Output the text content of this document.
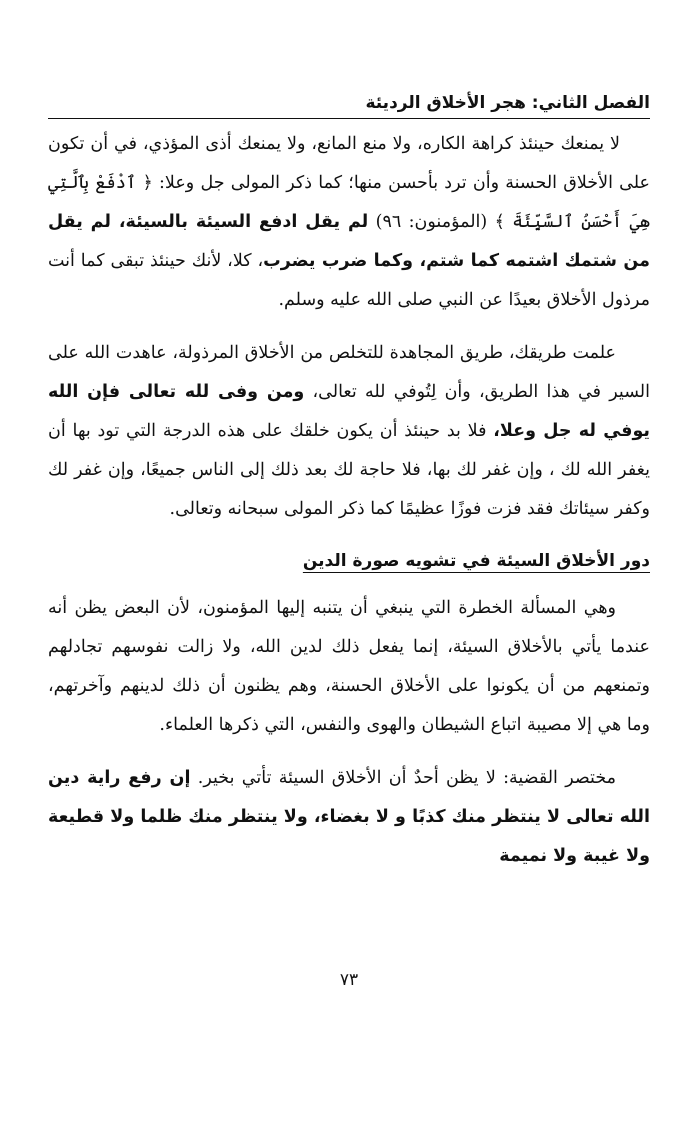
الفصل الثاني: هجر الأخلاق الرديئة

لا يمنعك حينئذ كراهة الكاره، ولا منع المانع، ولا يمنعك أذى المؤذي، في أن تكون على الأخلاق الحسنة وأن ترد بأحسن منها؛ كما ذكر المولى جل وعلا: ﴿ ٱدْفَعْ بِٱلَّتِي هِيَ أَحْسَنُ ٱلسَّيِّئَةَ ﴾ (المؤمنون: ٩٦) لم يقل ادفع السيئة بالسيئة، لم يقل من شتمك اشتمه كما شتم، وكما ضرب يضرب، كلا، لأنك حينئذ تبقى كما أنت مرذول الأخلاق بعيدًا عن النبي صلى الله عليه وسلم.

علمت طريقك، طريق المجاهدة للتخلص من الأخلاق المرذولة، عاهدت الله على السير في هذا الطريق، وأن لِتُوفي لله تعالى، ومن وفى لله تعالى فإن الله يوفي له جل وعلا، فلا بد حينئذ أن يكون خلقك على هذه الدرجة التي تود بها أن يغفر الله لك ، وإن غفر لك بها، فلا حاجة لك بعد ذلك إلى الناس جميعًا، وإن غفر لك وكفر سيئاتك فقد فزت فوزًا عظيمًا كما ذكر المولى سبحانه وتعالى.

دور الأخلاق السيئة في تشويه صورة الدين

وهي المسألة الخطرة التي ينبغي أن يتنبه إليها المؤمنون، لأن البعض يظن أنه عندما يأتي بالأخلاق السيئة، إنما يفعل ذلك لدين الله، ولا زالت نفوسهم تجادلهم وتمنعهم من أن يكونوا على الأخلاق الحسنة، وهم يظنون أن ذلك لدينهم وآخرتهم، وما هي إلا مصيبة اتباع الشيطان والهوى والنفس، التي ذكرها العلماء.

مختصر القضية: لا يظن أحدٌ أن الأخلاق السيئة تأتي بخير. إن رفع راية دين الله تعالى لا ينتظر منك كذبًا و لا بغضاء، ولا ينتظر منك ظلما ولا قطيعة ولا غيبة ولا نميمة

٧٣
